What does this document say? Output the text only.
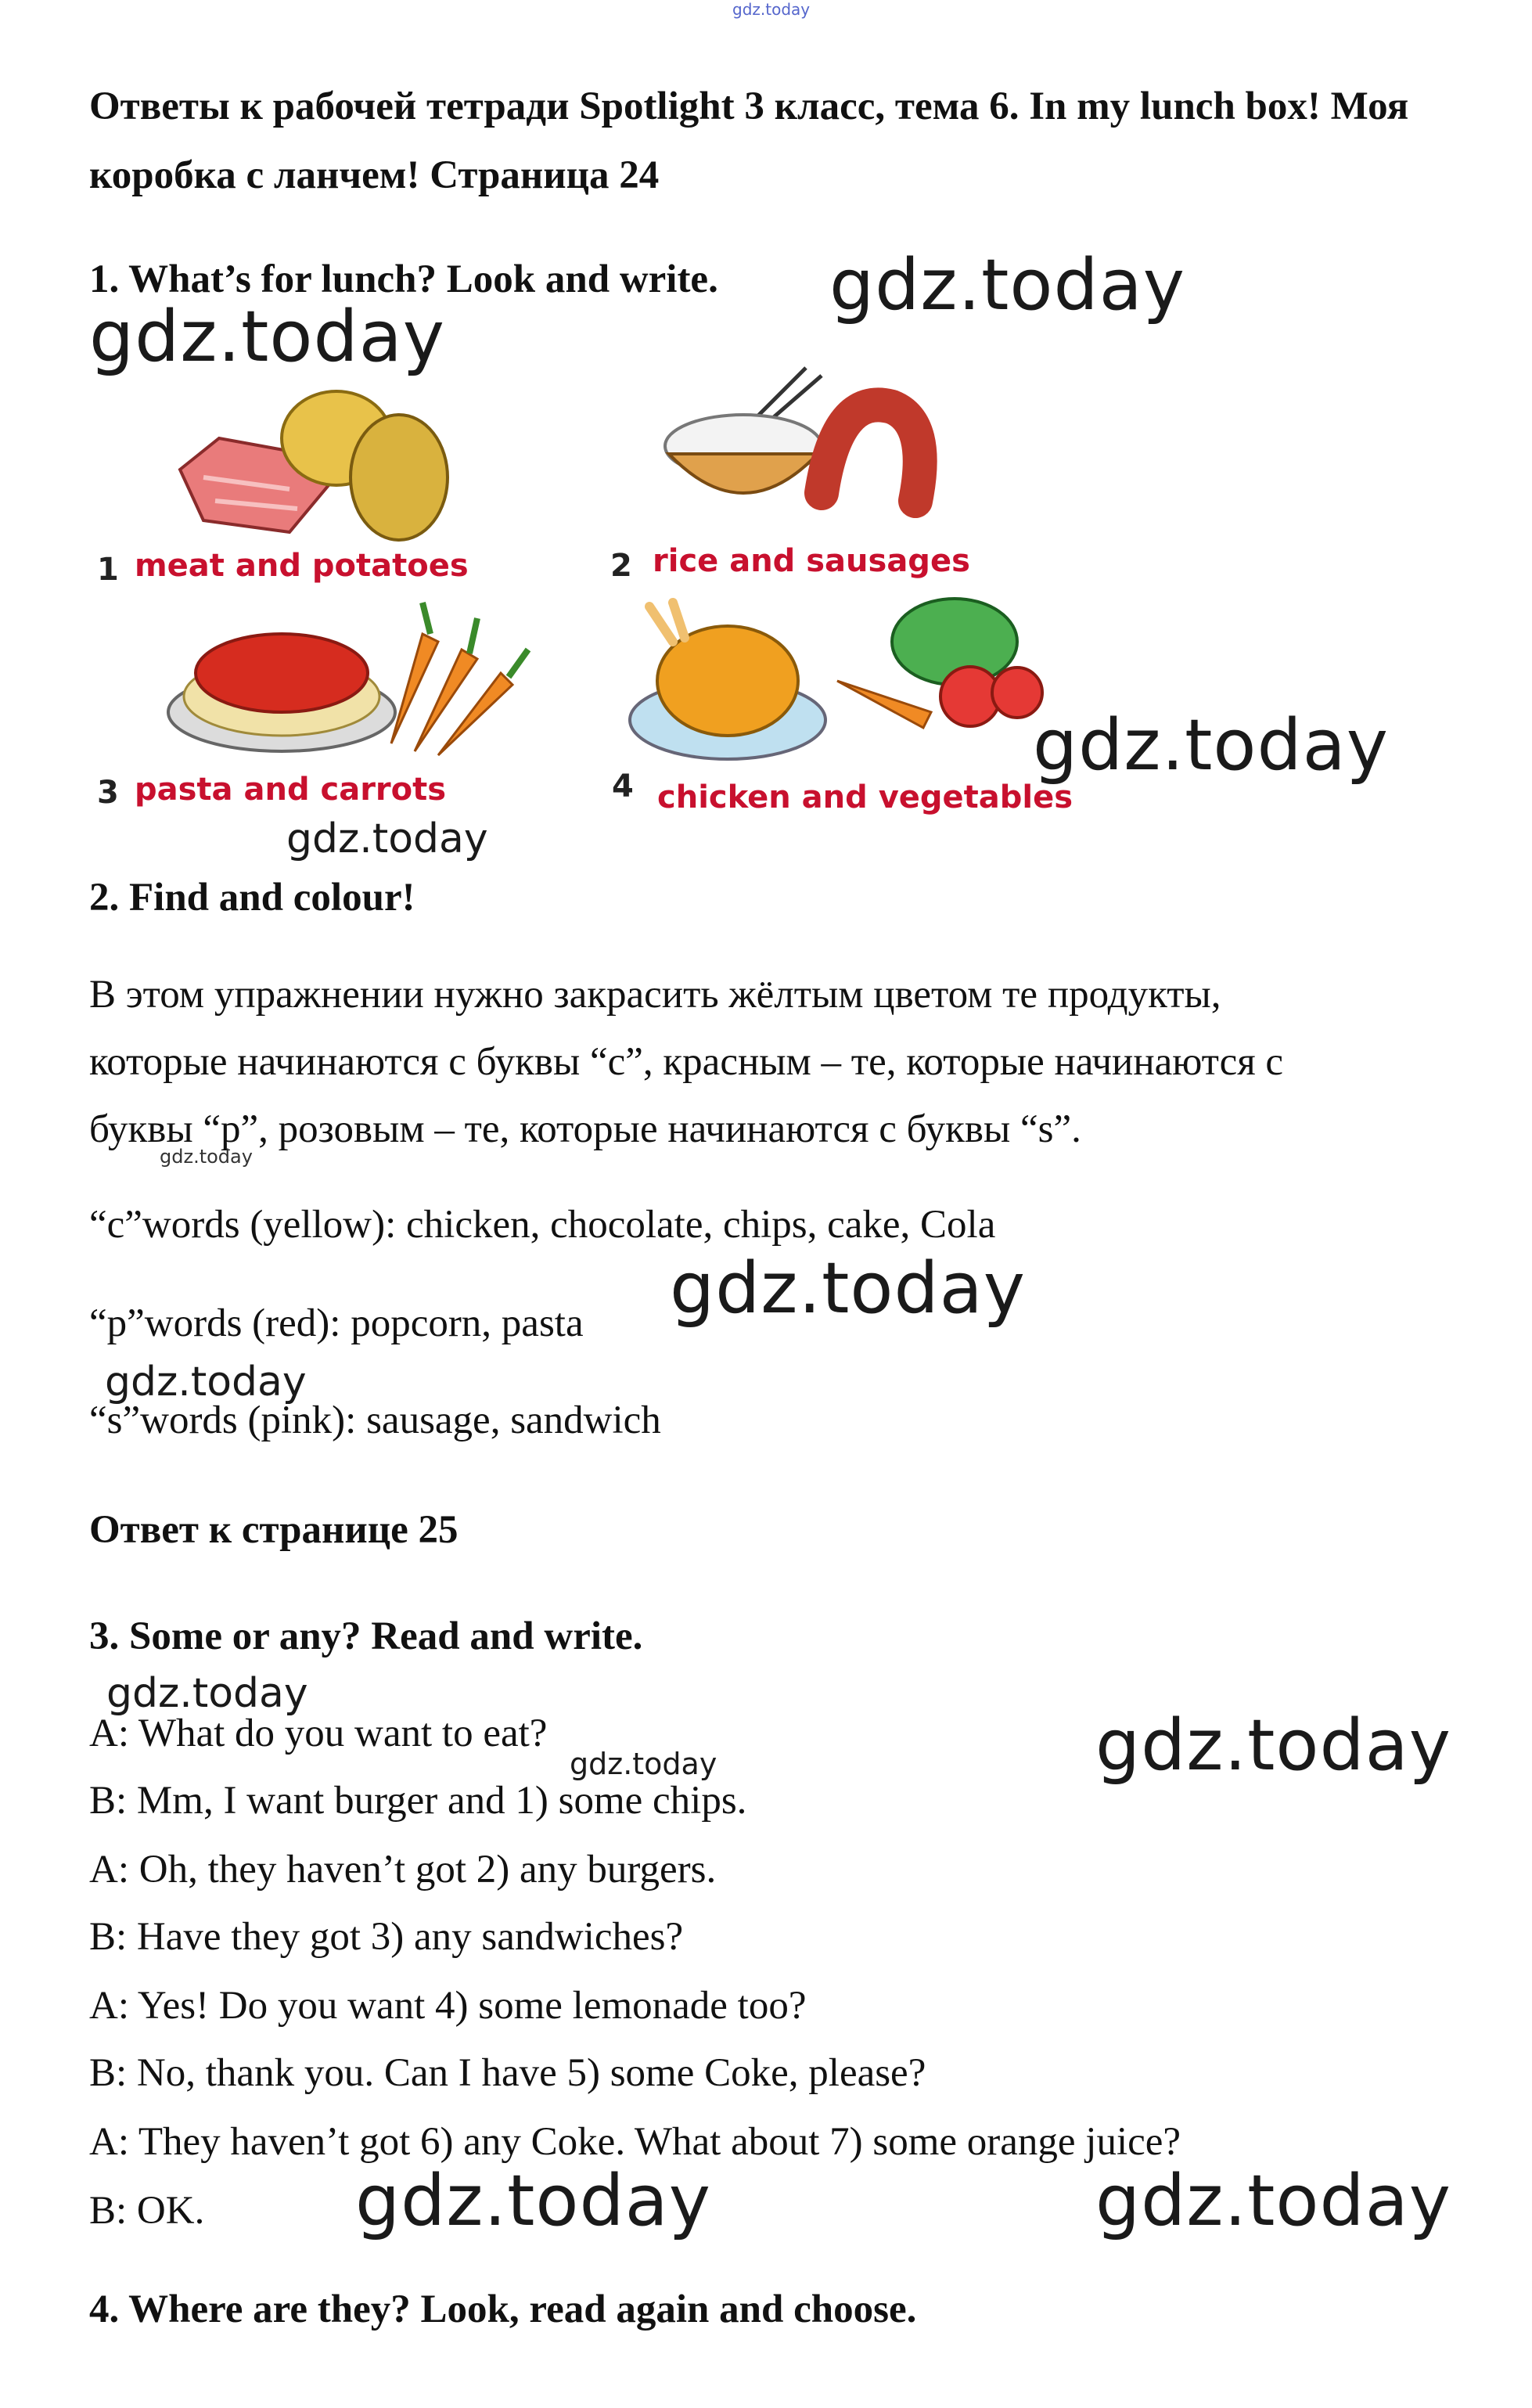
gdz.today
Ответы к рабочей тетради Spotlight 3 класс, тема 6. In my lunch box! Моя коробка с ланчем! Страница 24
1. What’s for lunch? Look and write. gdz.today
gdz.today
1 meat and potatoes	2 rice and sausages
3 pasta and carrots	4 chicken and vegetables
gdz.today
gdz.today
2. Find and colour!
В этом упражнении нужно закрасить жёлтым цветом те продукты,
которые начинаются с буквы “c”, красным – те, которые начинаются с
буквы “p”, розовым – те, которые начинаются с буквы “s”.
gdz.today
“c”words (yellow): chicken, chocolate, chips, cake, Cola
“p”words (red): popcorn, pasta gdz.today
gdz.today
“s”words (pink): sausage, sandwich
Ответ к странице 25
3. Some or any? Read and write.
gdz.today
A: What do you want to eat?
gdz.today	gdz.today
B: Mm, I want burger and 1) some chips.
A: Oh, they haven’t got 2) any burgers.
B: Have they got 3) any sandwiches?
A: Yes! Do you want 4) some lemonade too?
B: No, thank you. Can I have 5) some Coke, please?
A: They haven’t got 6) any Coke. What about 7) some orange juice?
B: OK. gdz.today	gdz.today
4. Where are they? Look, read again and choose.
